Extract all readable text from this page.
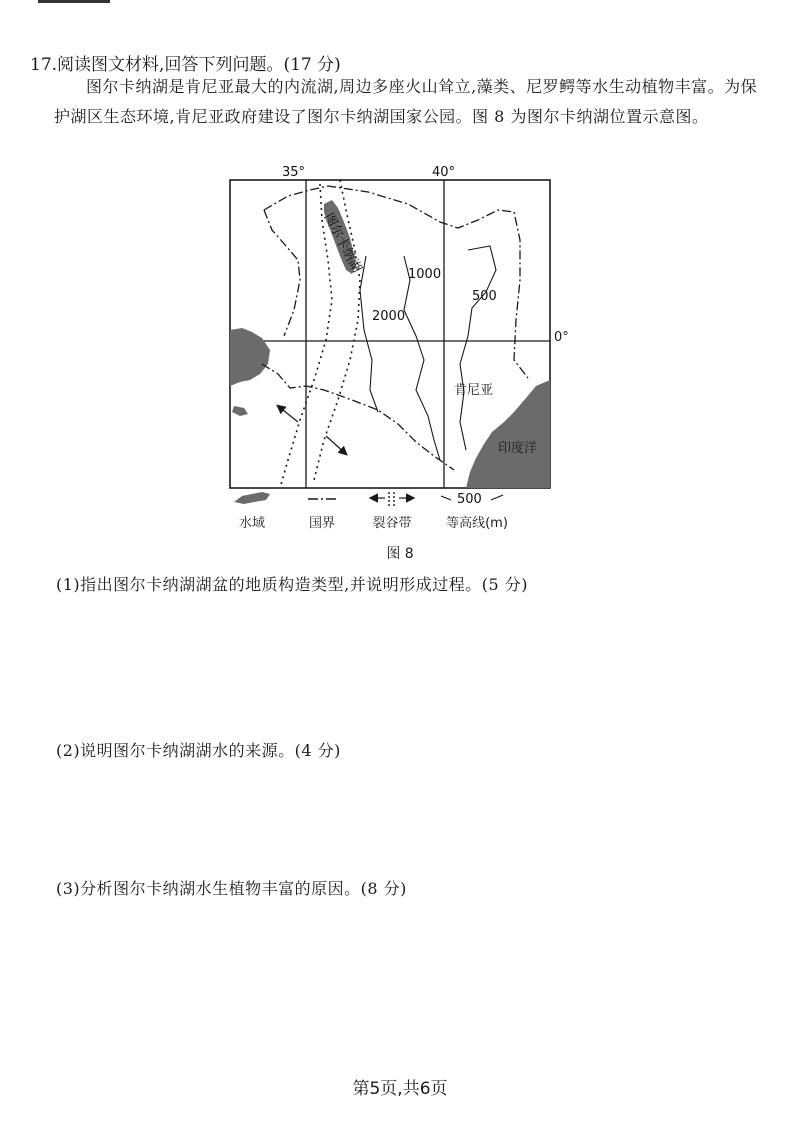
17.阅读图文材料,回答下列问题。(17 分)
图尔卡纳湖是肯尼亚最大的内流湖,周边多座火山耸立,藻类、尼罗鳄等水生动植物丰富。为保护湖区生态环境,肯尼亚政府建设了图尔卡纳湖国家公园。图 8 为图尔卡纳湖位置示意图。
35°	40°
1000
500
2000
肯尼亚
印度洋
图尔卡纳湖
0°
水域	国界	裂谷带
500
等高线(m)
图 8
(1)指出图尔卡纳湖湖盆的地质构造类型,并说明形成过程。(5 分)
(2)说明图尔卡纳湖湖水的来源。(4 分)
(3)分析图尔卡纳湖水生植物丰富的原因。(8 分)
第5页,共6页
